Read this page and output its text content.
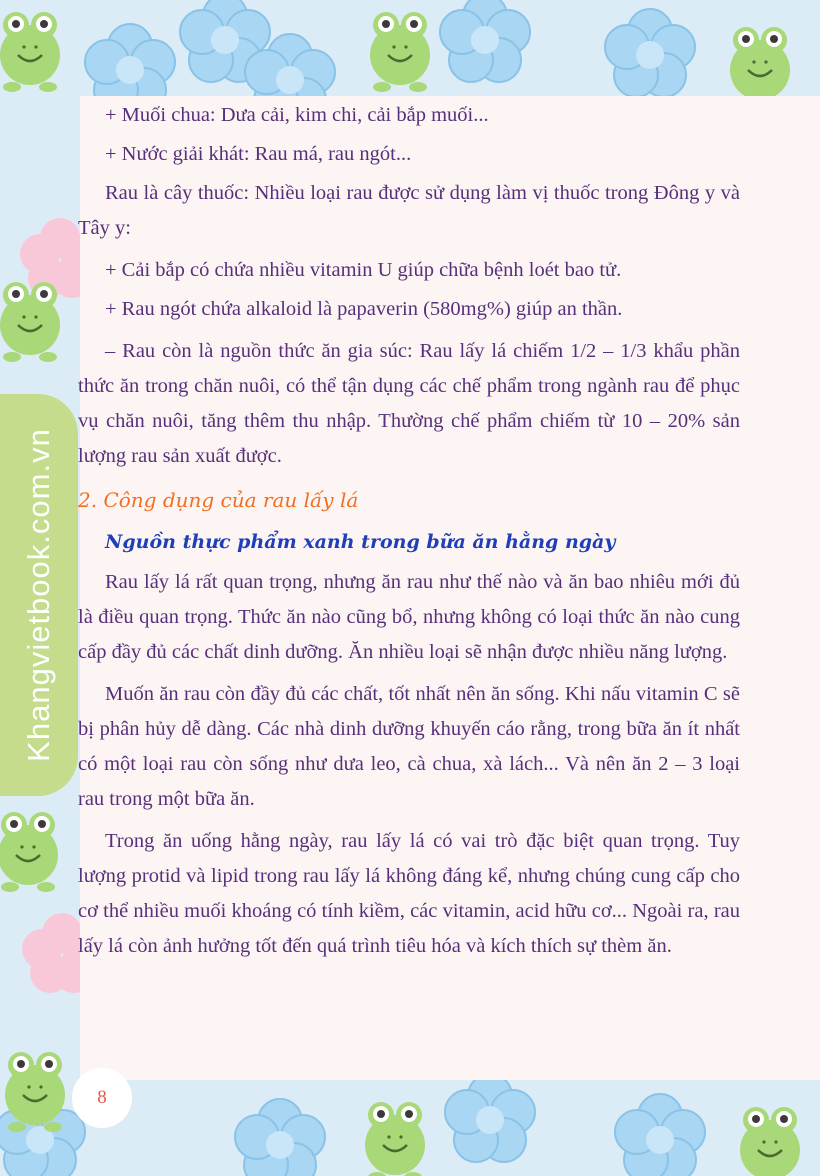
Khangvietbook.com.vn

+ Muối chua: Dưa cải, kim chi, cải bắp muối...

+ Nước giải khát: Rau má, rau ngót...

Rau là cây thuốc: Nhiều loại rau được sử dụng làm vị thuốc trong Đông y và Tây y:

+ Cải bắp có chứa nhiều vitamin U giúp chữa bệnh loét bao tử.

+ Rau ngót chứa alkaloid là papaverin (580mg%) giúp an thần.

– Rau còn là nguồn thức ăn gia súc: Rau lấy lá chiếm 1/2 – 1/3 khẩu phần thức ăn trong chăn nuôi, có thể tận dụng các chế phẩm trong ngành rau để phục vụ chăn nuôi, tăng thêm thu nhập. Thường chế phẩm chiếm từ 10 – 20% sản lượng rau sản xuất được.

2. Công dụng của rau lấy lá
Nguồn thực phẩm xanh trong bữa ăn hằng ngày

Rau lấy lá rất quan trọng, nhưng ăn rau như thế nào và ăn bao nhiêu mới đủ là điều quan trọng. Thức ăn nào cũng bổ, nhưng không có loại thức ăn nào cung cấp đầy đủ các chất dinh dưỡng. Ăn nhiều loại sẽ nhận được nhiều năng lượng.

Muốn ăn rau còn đầy đủ các chất, tốt nhất nên ăn sống. Khi nấu vitamin C sẽ bị phân hủy dễ dàng. Các nhà dinh dưỡng khuyến cáo rằng, trong bữa ăn ít nhất có một loại rau còn sống như dưa leo, cà chua, xà lách... Và nên ăn 2 – 3 loại rau trong một bữa ăn.

Trong ăn uống hằng ngày, rau lấy lá có vai trò đặc biệt quan trọng. Tuy lượng protid và lipid trong rau lấy lá không đáng kể, nhưng chúng cung cấp cho cơ thể nhiều muối khoáng có tính kiềm, các vitamin, acid hữu cơ... Ngoài ra, rau lấy lá còn ảnh hưởng tốt đến quá trình tiêu hóa và kích thích sự thèm ăn.

8
